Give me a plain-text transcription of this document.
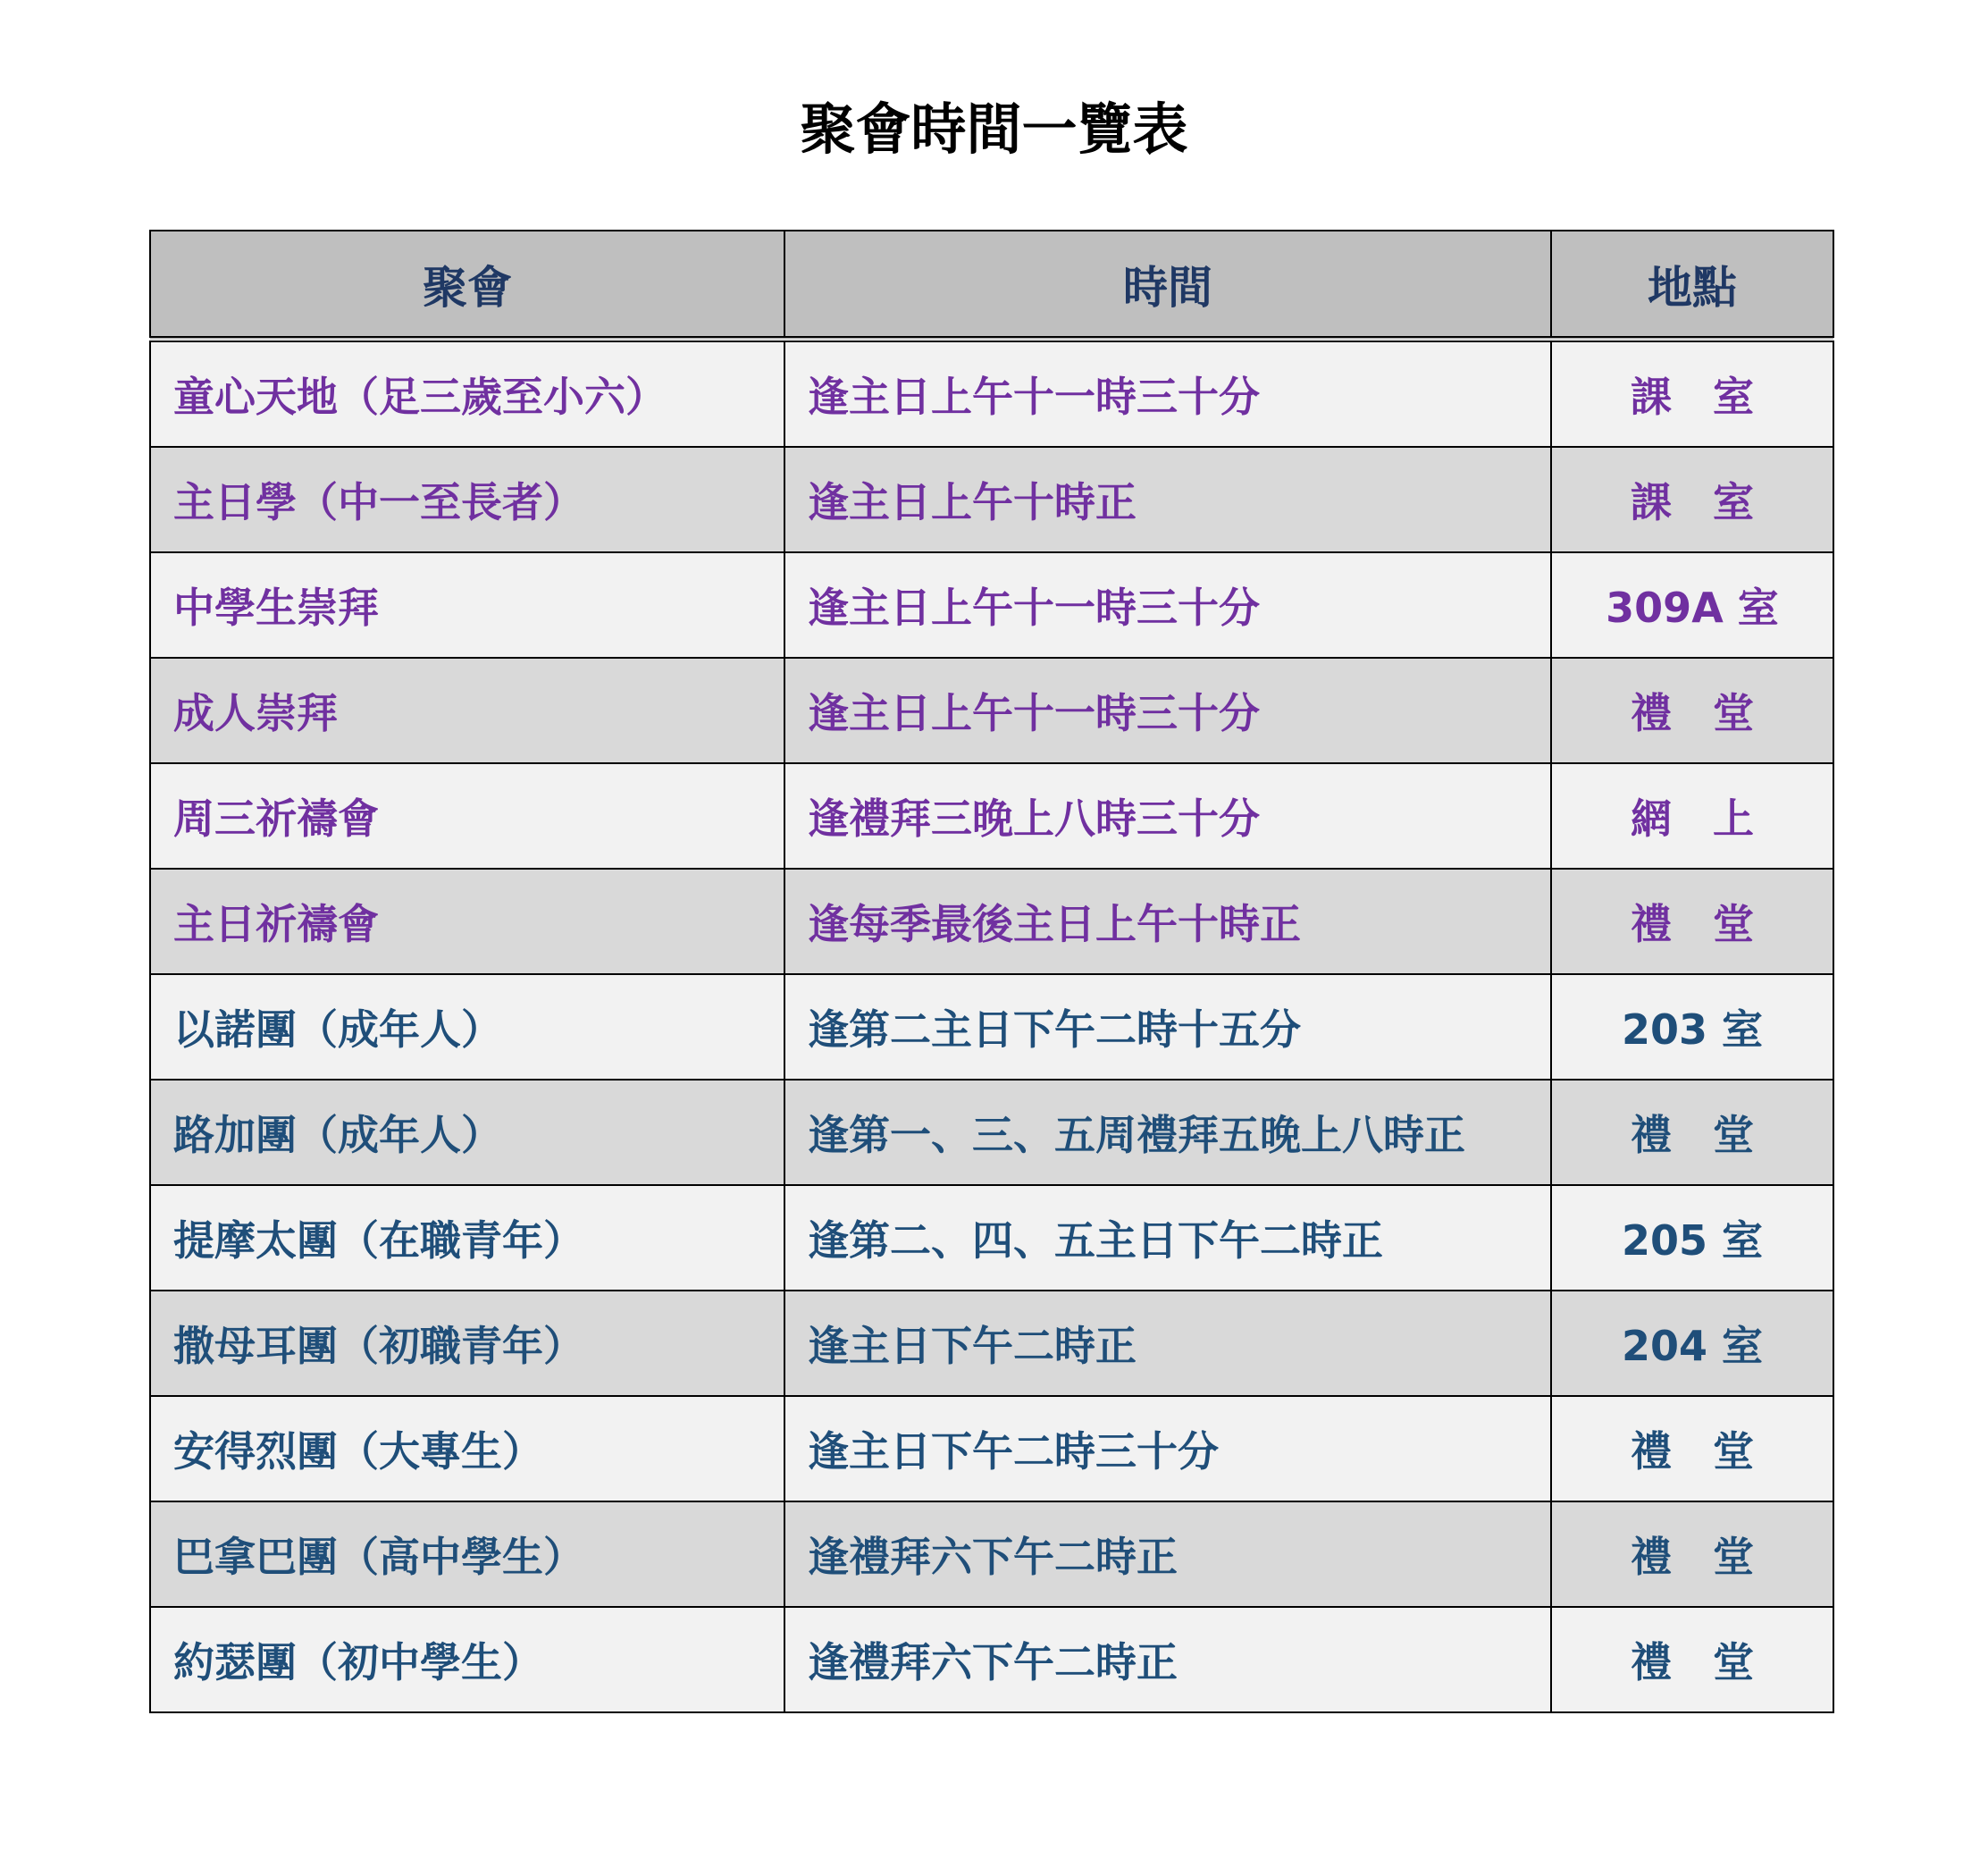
聚會時間一覽表
聚會	時間	地點
童心天地（足三歲至小六）	逢主日上午十一時三十分	課　室
主日學（中一至長者）	逢主日上午十時正	課　室
中學生崇拜	逢主日上午十一時三十分	309A 室
成人崇拜	逢主日上午十一時三十分	禮　堂
周三祈禱會	逢禮拜三晚上八時三十分	網　上
主日祈禱會	逢每季最後主日上午十時正	禮　堂
以諾團（成年人）	逢第二主日下午二時十五分	203 室
路加團（成年人）	逢第一、三、五周禮拜五晚上八時正	禮　堂
提摩太團（在職青年）	逢第二、四、五主日下午二時正	205 室
撒母耳團（初職青年）	逢主日下午二時正	204 室
安得烈團（大專生）	逢主日下午二時三十分	禮　堂
巴拿巴團（高中學生）	逢禮拜六下午二時正	禮　堂
約瑟團（初中學生）	逢禮拜六下午二時正	禮　堂
